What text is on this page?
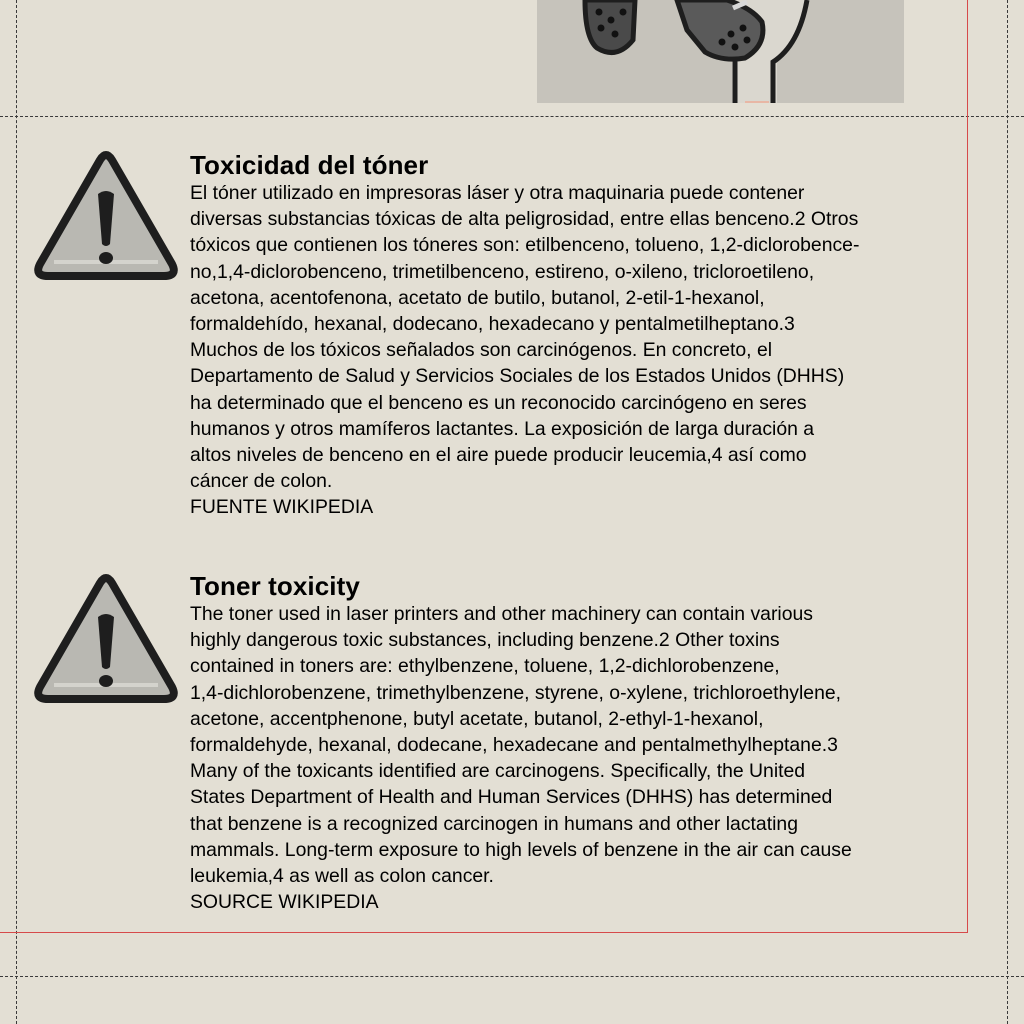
Toxicidad del tóner
El tóner utilizado en impresoras láser y otra maquinaria puede contener
diversas substancias tóxicas de alta peligrosidad, entre ellas benceno.2 Otros
tóxicos que contienen los tóneres son: etilbenceno, tolueno, 1,2-diclorobence-
no,1,4-diclorobenceno, trimetilbenceno, estireno, o-xileno, tricloroetileno,
acetona, acentofenona, acetato de butilo, butanol, 2-etil-1-hexanol,
formaldehído, hexanal, dodecano, hexadecano y pentalmetilheptano.3
Muchos de los tóxicos señalados son carcinógenos. En concreto, el
Departamento de Salud y Servicios Sociales de los Estados Unidos (DHHS)
ha determinado que el benceno es un reconocido carcinógeno en seres
humanos y otros mamíferos lactantes. La exposición de larga duración a
altos niveles de benceno en el aire puede producir leucemia,4 así como
cáncer de colon.
FUENTE WIKIPEDIA
Toner toxicity
The toner used in laser printers and other machinery can contain various
highly dangerous toxic substances, including benzene.2 Other toxins
contained in toners are: ethylbenzene, toluene, 1,2-dichlorobenzene,
1,4-dichlorobenzene, trimethylbenzene, styrene, o-xylene, trichloroethylene,
acetone, accentphenone, butyl acetate, butanol, 2-ethyl-1-hexanol,
formaldehyde, hexanal, dodecane, hexadecane and pentalmethylheptane.3
Many of the toxicants identified are carcinogens. Specifically, the United
States Department of Health and Human Services (DHHS) has determined
that benzene is a recognized carcinogen in humans and other lactating
mammals. Long-term exposure to high levels of benzene in the air can cause
leukemia,4 as well as colon cancer.
SOURCE WIKIPEDIA
